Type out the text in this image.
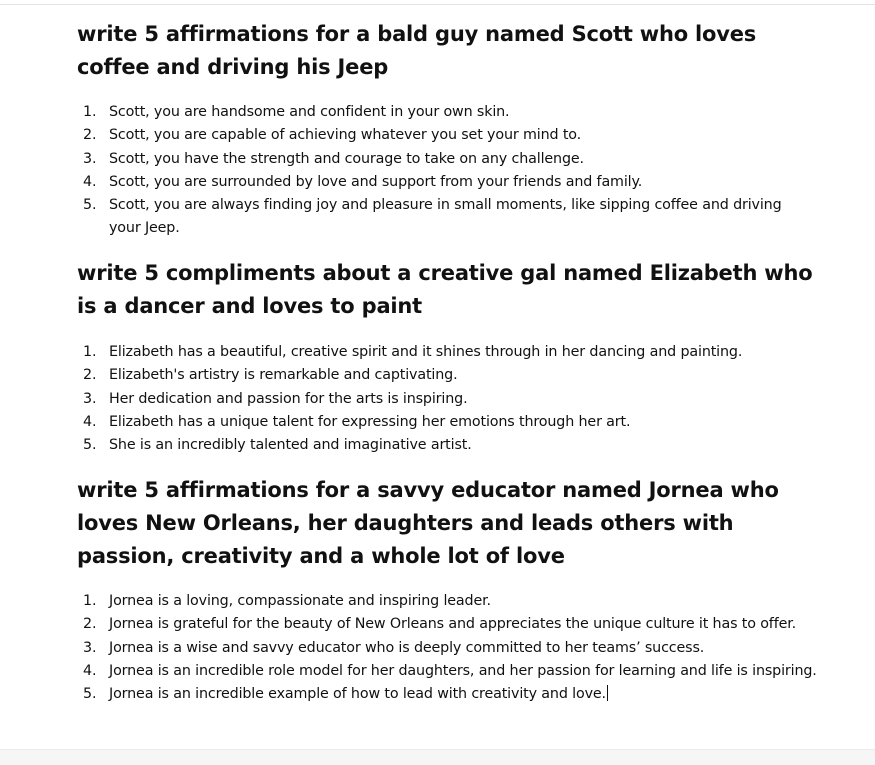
write 5 affirmations for a bald guy named Scott who loves coffee and driving his Jeep
1. Scott, you are handsome and confident in your own skin.
2. Scott, you are capable of achieving whatever you set your mind to.
3. Scott, you have the strength and courage to take on any challenge.
4. Scott, you are surrounded by love and support from your friends and family.
5. Scott, you are always finding joy and pleasure in small moments, like sipping coffee and driving your Jeep.
write 5 compliments about a creative gal named Elizabeth who is a dancer and loves to paint
1. Elizabeth has a beautiful, creative spirit and it shines through in her dancing and painting.
2. Elizabeth's artistry is remarkable and captivating.
3. Her dedication and passion for the arts is inspiring.
4. Elizabeth has a unique talent for expressing her emotions through her art.
5. She is an incredibly talented and imaginative artist.
write 5 affirmations for a savvy educator named Jornea who loves New Orleans, her daughters and leads others with passion, creativity and a whole lot of love
1. Jornea is a loving, compassionate and inspiring leader.
2. Jornea is grateful for the beauty of New Orleans and appreciates the unique culture it has to offer.
3. Jornea is a wise and savvy educator who is deeply committed to her teams’ success.
4. Jornea is an incredible role model for her daughters, and her passion for learning and life is inspiring.
5. Jornea is an incredible example of how to lead with creativity and love.
